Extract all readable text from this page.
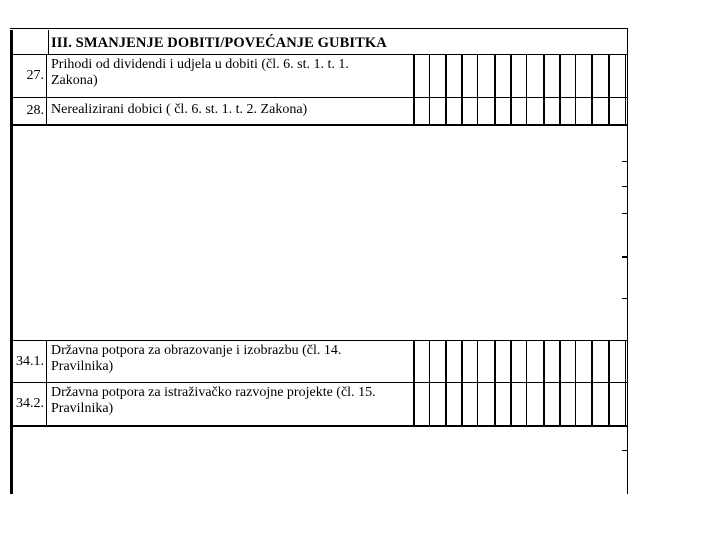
III. SMANJENJE DOBITI/POVEĆANJE GUBITKA
27.
Prihodi od dividendi i udjela u dobiti (čl. 6. st. 1. t. 1.
Zakona)
28. Nerealizirani dobici ( čl. 6. st. 1. t. 2. Zakona)
34.1.
Državna potpora za obrazovanje i izobrazbu (čl. 14.
Pravilnika)
34.2.
Državna potpora za istraživačko razvojne projekte (čl. 15.
Pravilnika)
